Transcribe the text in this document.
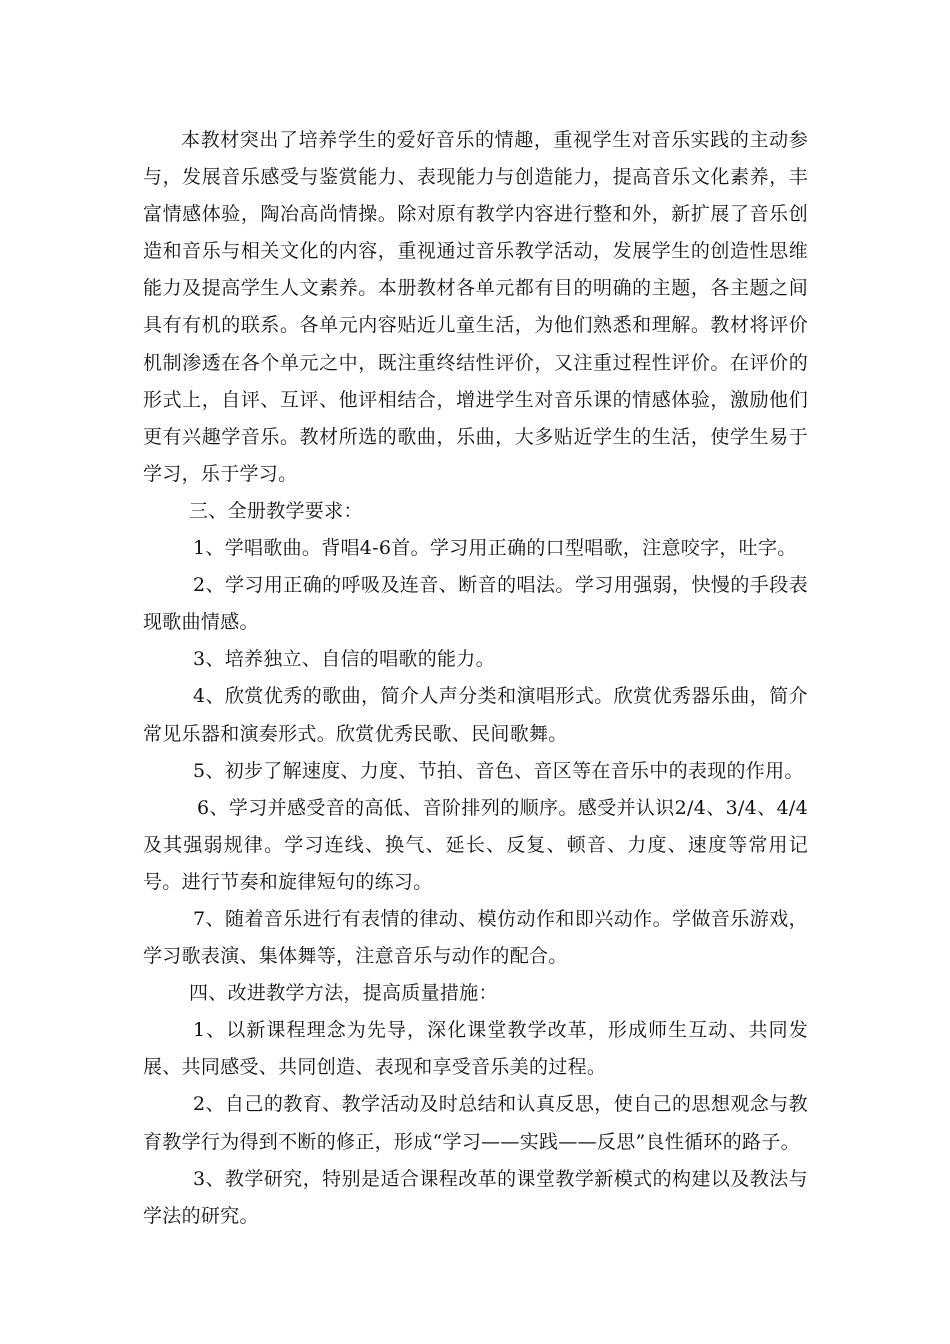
本教材突出了培养学生的爱好音乐的情趣，重视学生对音乐实践的主动参与，发展音乐感受与鉴赏能力、表现能力与创造能力，提高音乐文化素养，丰富情感体验，陶冶高尚情操。除对原有教学内容进行整和外，新扩展了音乐创造和音乐与相关文化的内容，重视通过音乐教学活动，发展学生的创造性思维能力及提高学生人文素养。本册教材各单元都有目的明确的主题，各主题之间具有有机的联系。各单元内容贴近儿童生活，为他们熟悉和理解。教材将评价机制渗透在各个单元之中，既注重终结性评价，又注重过程性评价。在评价的形式上，自评、互评、他评相结合，增进学生对音乐课的情感体验，激励他们更有兴趣学音乐。教材所选的歌曲，乐曲，大多贴近学生的生活，使学生易于学习，乐于学习。

三、全册教学要求：

1、学唱歌曲。背唱4-6首。学习用正确的口型唱歌，注意咬字，吐字。

2、学习用正确的呼吸及连音、断音的唱法。学习用强弱，快慢的手段表现歌曲情感。

3、培养独立、自信的唱歌的能力。

4、欣赏优秀的歌曲，简介人声分类和演唱形式。欣赏优秀器乐曲，简介常见乐器和演奏形式。欣赏优秀民歌、民间歌舞。

5、初步了解速度、力度、节拍、音色、音区等在音乐中的表现的作用。

6、学习并感受音的高低、音阶排列的顺序。感受并认识2/4、3/4、4/4及其强弱规律。学习连线、换气、延长、反复、顿音、力度、速度等常用记号。进行节奏和旋律短句的练习。

7、随着音乐进行有表情的律动、模仿动作和即兴动作。学做音乐游戏，学习歌表演、集体舞等，注意音乐与动作的配合。

四、改进教学方法，提高质量措施：

1、以新课程理念为先导，深化课堂教学改革，形成师生互动、共同发展、共同感受、共同创造、表现和享受音乐美的过程。

2、自己的教育、教学活动及时总结和认真反思，使自己的思想观念与教育教学行为得到不断的修正，形成“学习——实践——反思”良性循环的路子。

3、教学研究，特别是适合课程改革的课堂教学新模式的构建以及教法与学法的研究。
